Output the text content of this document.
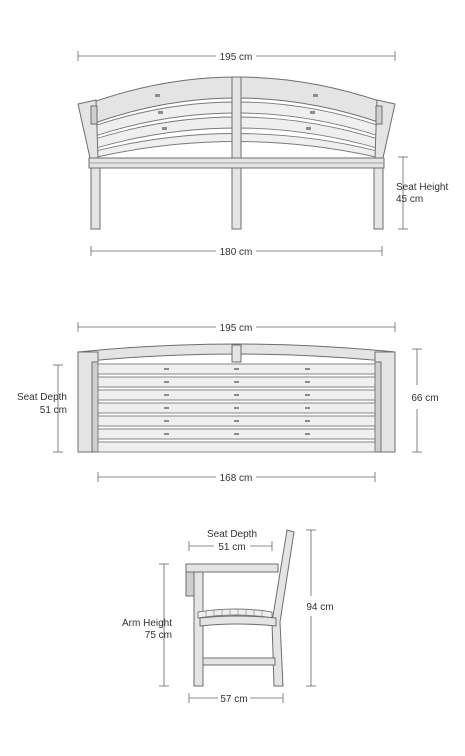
195 cm
Seat Height
45 cm
180 cm
195 cm
Seat Depth
51 cm
66 cm
168 cm
Seat Depth
51 cm
Arm Height
75 cm
94 cm
57 cm
